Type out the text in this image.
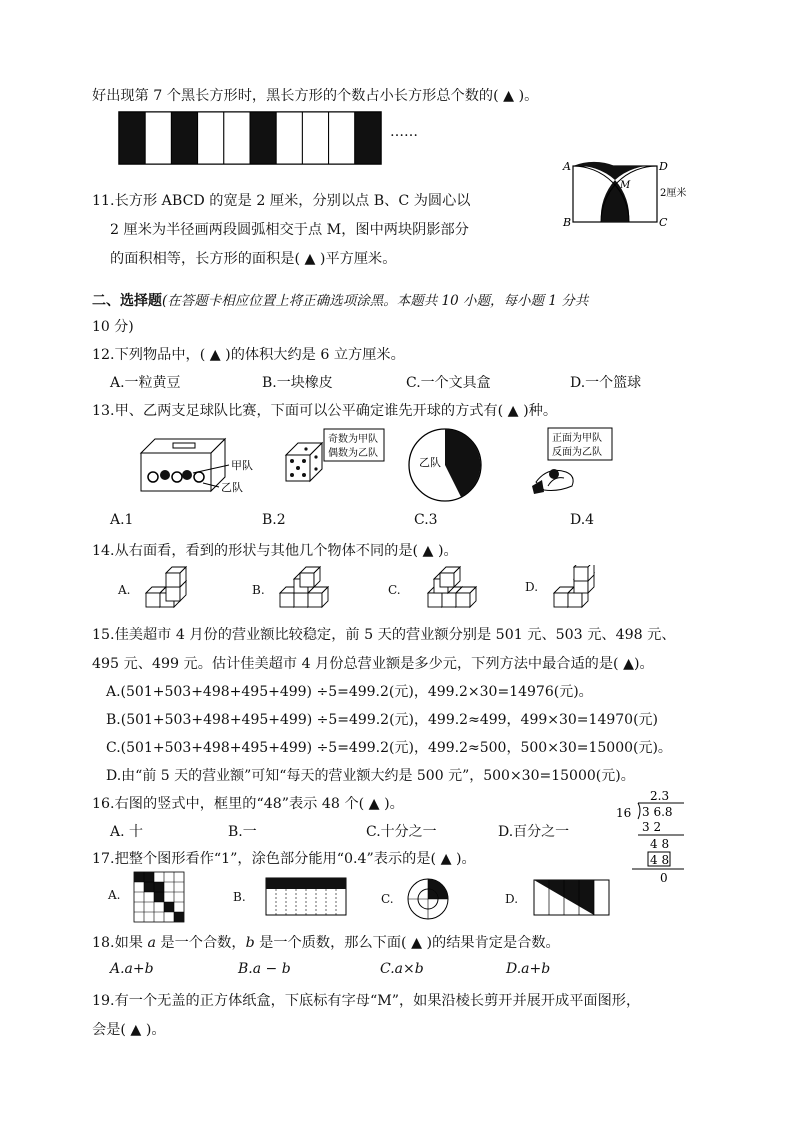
好出现第 7 个黑长方形时，黑长方形的个数占小长方形总个数的( ▲ )。
……
11.长方形 ABCD 的宽是 2 厘米，分别以点 B、C 为圆心以
2 厘米为半径画两段圆弧相交于点 M，图中两块阴影部分
的面积相等，长方形的面积是( ▲ )平方厘米。
A	D
B	C
M
2厘米
二、选择题(在答题卡相应位置上将正确选项涂黑。本题共 10 小题，每小题 1 分共
10 分)
12.下列物品中，( ▲ )的体积大约是 6 立方厘米。
A.一粒黄豆	B.一块橡皮	C.一个文具盒	D.一个篮球
13.甲、乙两支足球队比赛，下面可以公平确定谁先开球的方式有( ▲ )种。
甲队
乙队
奇数为甲队
偶数为乙队
乙队
正面为甲队
反面为乙队
A.1	B.2	C.3	D.4
14.从右面看，看到的形状与其他几个物体不同的是( ▲ )。
A.	B.	C.	D.
15.佳美超市 4 月份的营业额比较稳定，前 5 天的营业额分别是 501 元、503 元、498 元、
495 元、499 元。估计佳美超市 4 月份总营业额是多少元，下列方法中最合适的是( ▲)。
A.(501+503+498+495+499) ÷5=499.2(元)，499.2×30=14976(元)。
B.(501+503+498+495+499) ÷5=499.2(元)，499.2≈499，499×30=14970(元)
C.(501+503+498+495+499) ÷5=499.2(元)，499.2≈500，500×30=15000(元)。
D.由“前 5 天的营业额”可知“每天的营业额大约是 500 元”，500×30=15000(元)。
16.右图的竖式中，框里的“48”表示 48 个( ▲ )。
A. 十	B.一	C.十分之一	D.百分之一
2.3
16 3 6.8
3 2
4 8
4 8
0
17.把整个图形看作“1”，涂色部分能用“0.4”表示的是( ▲ )。
A.	B.	C.	D.
18.如果 a 是一个合数，b 是一个质数，那么下面( ▲ )的结果肯定是合数。
A.a+b	B.a − b	C.a×b	D.a+b
19.有一个无盖的正方体纸盒，下底标有字母“M”，如果沿棱长剪开并展开成平面图形，
会是( ▲ )。
